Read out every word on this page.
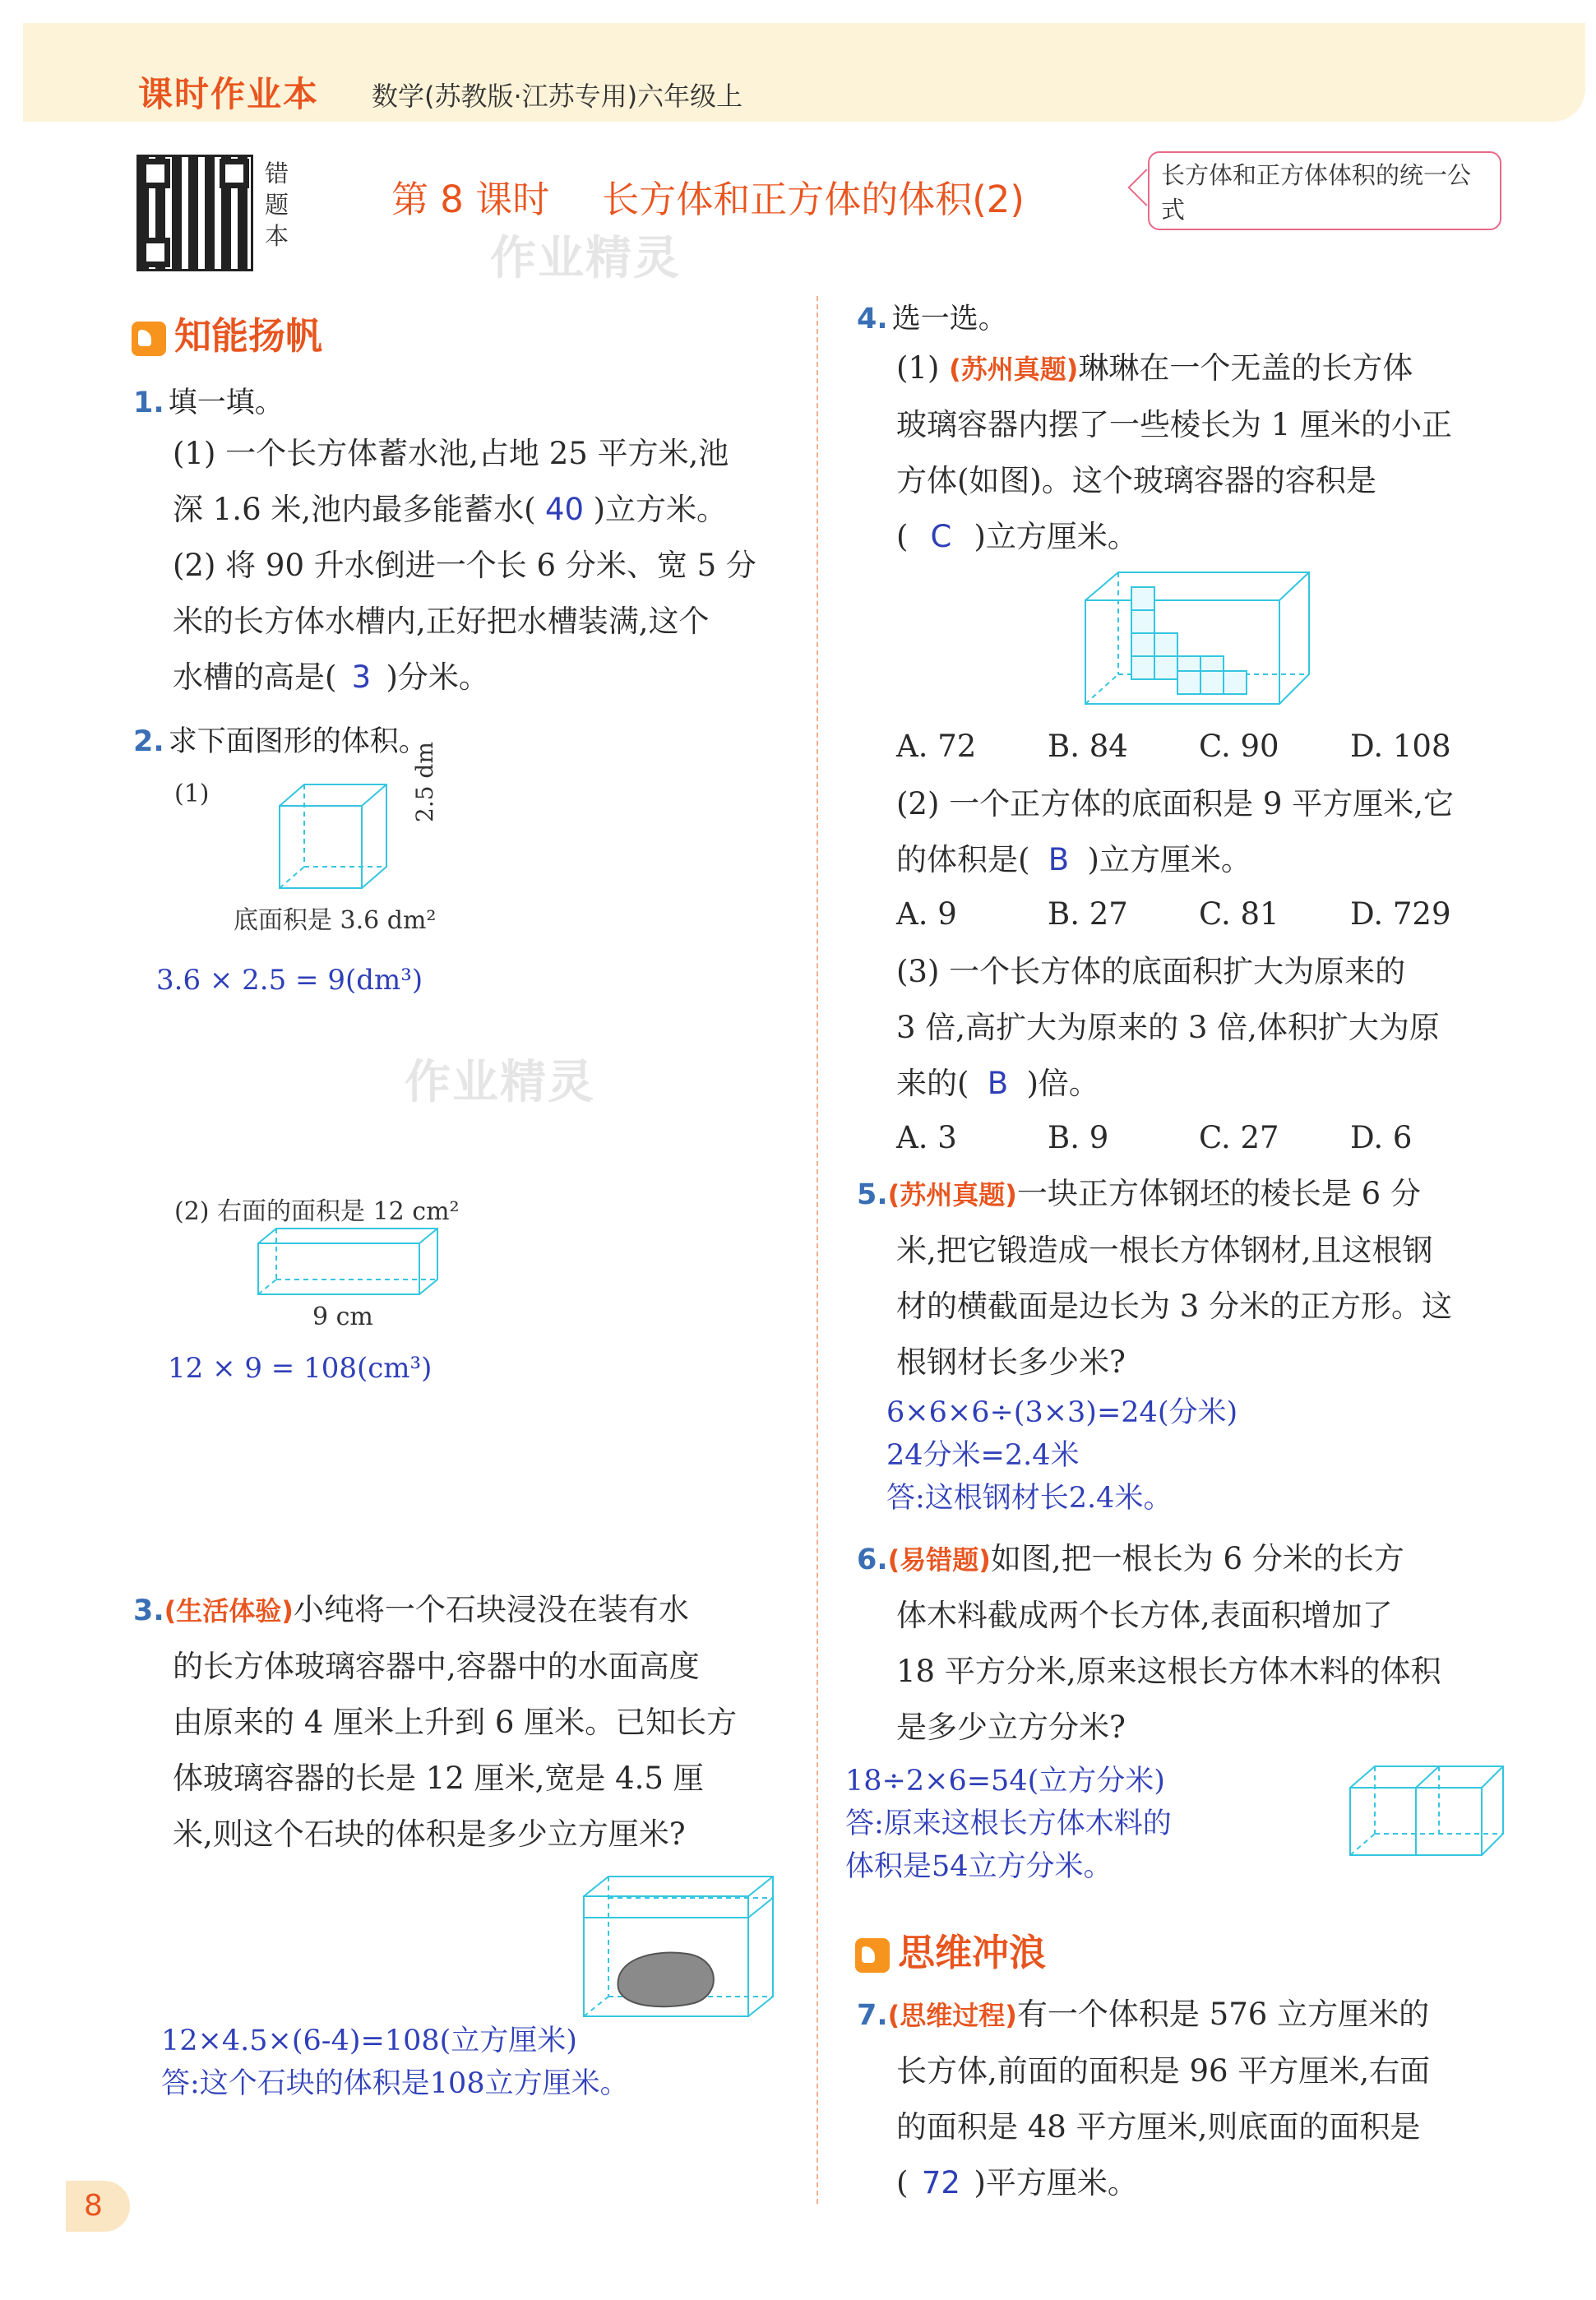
课时作业本 数学(苏教版·江苏专用)六年级上
错题本
第 8 课时 长方体和正方体的体积(2)
长方体和正方体体积的统一公式
作业精灵
作业精灵
知能扬帆
1. 填一填。
(1) 一个长方体蓄水池,占地 25 平方米,池
深 1.6 米,池内最多能蓄水( 40 )立方米。
(2) 将 90 升水倒进一个长 6 分米、宽 5 分
米的长方体水槽内,正好把水槽装满,这个
水槽的高是( 3 )分米。
2. 求下面图形的体积。
(1)	2.5 dm
底面积是 3.6 dm²
3.6 × 2.5 = 9(dm³)
(2) 右面的面积是 12 cm²
9 cm
12 × 9 = 108(cm³)
3.(生活体验)小纯将一个石块浸没在装有水
的长方体玻璃容器中,容器中的水面高度
由原来的 4 厘米上升到 6 厘米。已知长方
体玻璃容器的长是 12 厘米,宽是 4.5 厘
米,则这个石块的体积是多少立方厘米?
12×4.5×(6-4)=108(立方厘米)
答:这个石块的体积是108立方厘米。
4. 选一选。
(1) (苏州真题)琳琳在一个无盖的长方体
玻璃容器内摆了一些棱长为 1 厘米的小正
方体(如图)。这个玻璃容器的容积是
( C )立方厘米。
A. 72	B. 84	C. 90	D. 108
(2) 一个正方体的底面积是 9 平方厘米,它
的体积是( B )立方厘米。
A. 9	B. 27	C. 81	D. 729
(3) 一个长方体的底面积扩大为原来的
3 倍,高扩大为原来的 3 倍,体积扩大为原
来的( B )倍。
A. 3	B. 9	C. 27	D. 6
5.(苏州真题)一块正方体钢坯的棱长是 6 分
米,把它锻造成一根长方体钢材,且这根钢
材的横截面是边长为 3 分米的正方形。这
根钢材长多少米?
6×6×6÷(3×3)=24(分米)
24分米=2.4米
答:这根钢材长2.4米。
6.(易错题)如图,把一根长为 6 分米的长方
体木料截成两个长方体,表面积增加了
18 平方分米,原来这根长方体木料的体积
是多少立方分米?
18÷2×6=54(立方分米)
答:原来这根长方体木料的
体积是54立方分米。
思维冲浪
7.(思维过程)有一个体积是 576 立方厘米的
长方体,前面的面积是 96 平方厘米,右面
的面积是 48 平方厘米,则底面的面积是
( 72 )平方厘米。
8
